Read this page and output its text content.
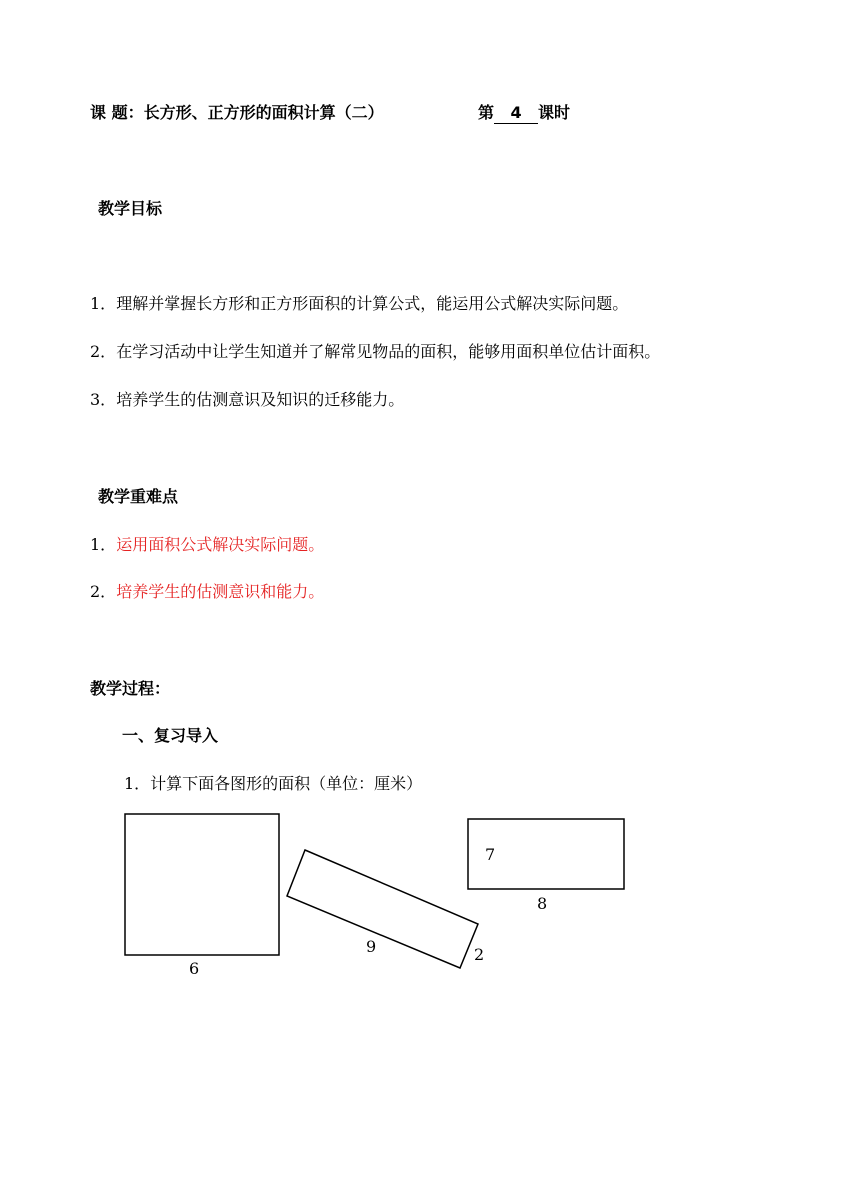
课 题：长方形、正方形的面积计算（二）	第 4 课时
教学目标
1．理解并掌握长方形和正方形面积的计算公式，能运用公式解决实际问题。
2．在学习活动中让学生知道并了解常见物品的面积，能够用面积单位估计面积。
3．培养学生的估测意识及知识的迁移能力。
教学重难点
1．运用面积公式解决实际问题。
2．培养学生的估测意识和能力。
教学过程：
一、复习导入
1．计算下面各图形的面积（单位：厘米）
6
9	2
7
8
